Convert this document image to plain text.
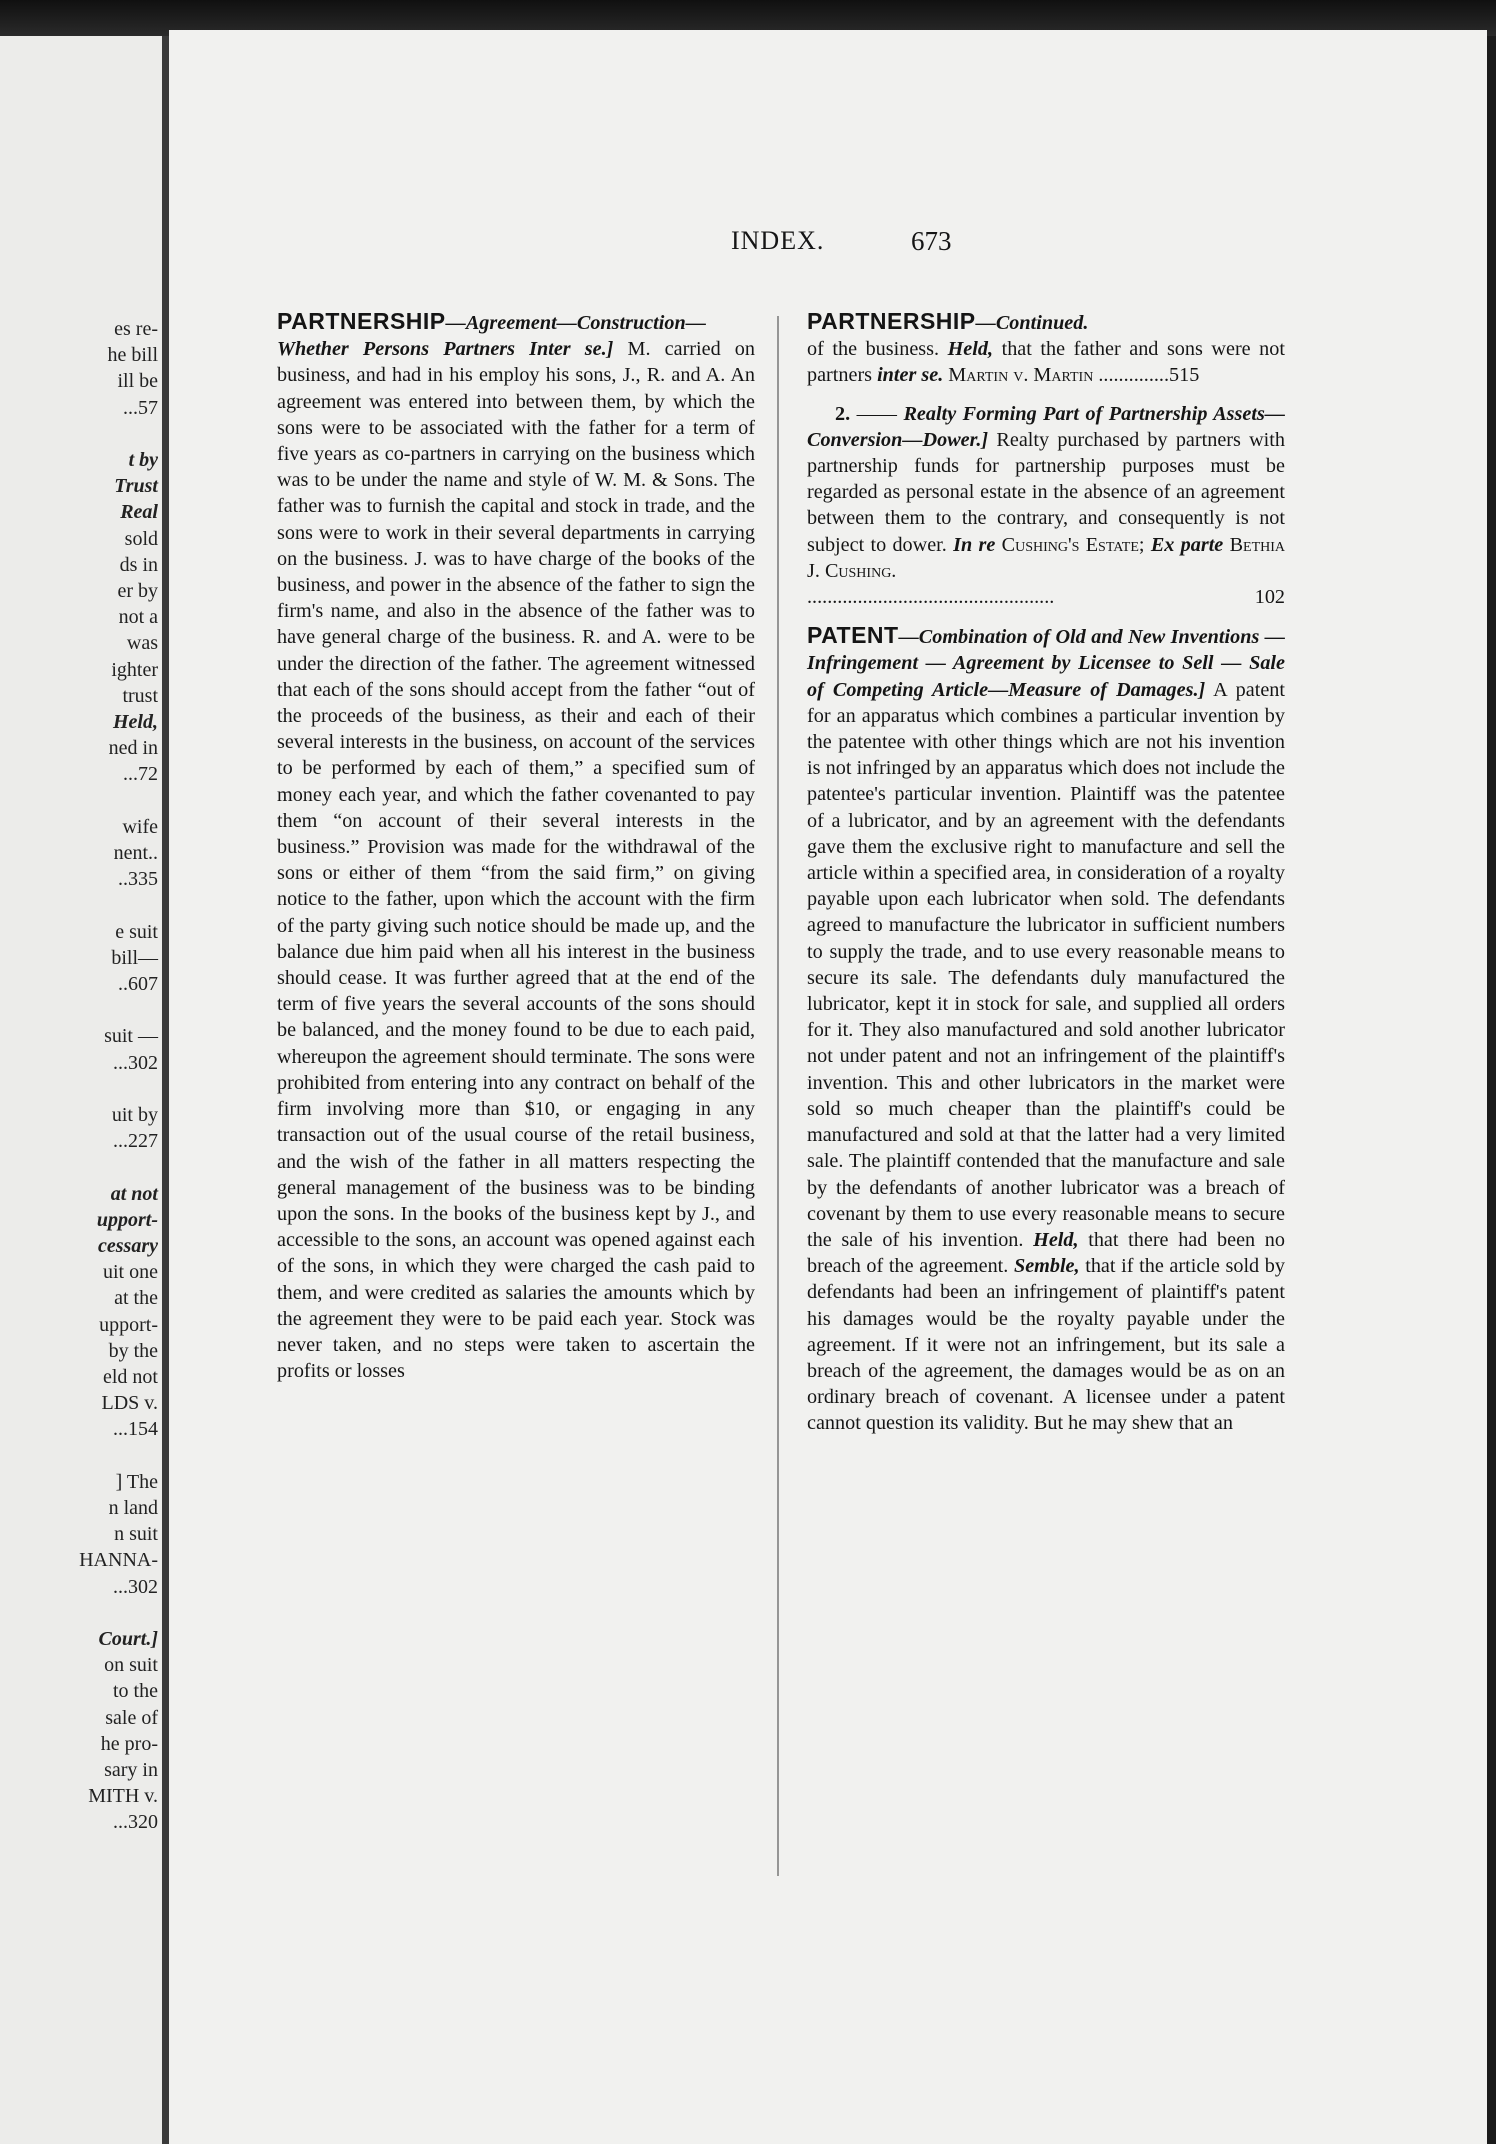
es re-
he bill
ill be
...57
t by
Trust
Real
sold
ds in
er by
not a
was
ighter
trust
Held,
ned in
...72
wife
nent..
..335
e suit
bill—
..607
suit —
...302
uit by
...227
at not
upport-
cessary
uit one
at the
upport-
by the
eld not
LDS v.
...154
] The
n land
n suit
HANNA-
...302
Court.]
on suit
to the
sale of
he pro-
sary in
MITH v.
...320
INDEX.	673

PARTNERSHIP—Agreement—Construction—Whether Persons Partners Inter se.] M. carried on business, and had in his employ his sons, J., R. and A. An agreement was entered into between them, by which the sons were to be associated with the father for a term of five years as co-partners in carrying on the business which was to be under the name and style of W. M. & Sons. The father was to furnish the capital and stock in trade, and the sons were to work in their several departments in carrying on the business. J. was to have charge of the books of the business, and power in the absence of the father to sign the firm's name, and also in the absence of the father was to have general charge of the business. R. and A. were to be under the direction of the father. The agreement witnessed that each of the sons should accept from the father “out of the proceeds of the business, as their and each of their several interests in the business, on account of the services to be performed by each of them,” a specified sum of money each year, and which the father covenanted to pay them “on account of their several interests in the business.” Provision was made for the withdrawal of the sons or either of them “from the said firm,” on giving notice to the father, upon which the account with the firm of the party giving such notice should be made up, and the balance due him paid when all his interest in the business should cease. It was further agreed that at the end of the term of five years the several accounts of the sons should be balanced, and the money found to be due to each paid, whereupon the agreement should terminate. The sons were prohibited from entering into any contract on behalf of the firm involving more than $10, or engaging in any transaction out of the usual course of the retail business, and the wish of the father in all matters respecting the general management of the business was to be binding upon the sons. In the books of the business kept by J., and accessible to the sons, an account was opened against each of the sons, in which they were charged the cash paid to them, and were credited as salaries the amounts which by the agreement they were to be paid each year. Stock was never taken, and no steps were taken to ascertain the profits or losses

PARTNERSHIP—Continued.
of the business. Held, that the father and sons were not partners inter se. Martin v. Martin ..............515

2. —— Realty Forming Part of Partnership Assets—Conversion—Dower.] Realty purchased by partners with partnership funds for partnership purposes must be regarded as personal estate in the absence of an agreement between them to the contrary, and consequently is not subject to dower. In re Cushing's Estate; Ex parte Bethia J. Cushing.
.................................................	102

PATENT—Combination of Old and New Inventions — Infringement — Agreement by Licensee to Sell — Sale of Competing Article—Measure of Damages.] A patent for an apparatus which combines a particular invention by the patentee with other things which are not his invention is not infringed by an apparatus which does not include the patentee's particular invention. Plaintiff was the patentee of a lubricator, and by an agreement with the defendants gave them the exclusive right to manufacture and sell the article within a specified area, in consideration of a royalty payable upon each lubricator when sold. The defendants agreed to manufacture the lubricator in sufficient numbers to supply the trade, and to use every reasonable means to secure its sale. The defendants duly manufactured the lubricator, kept it in stock for sale, and supplied all orders for it. They also manufactured and sold another lubricator not under patent and not an infringement of the plaintiff's invention. This and other lubricators in the market were sold so much cheaper than the plaintiff's could be manufactured and sold at that the latter had a very limited sale. The plaintiff contended that the manufacture and sale by the defendants of another lubricator was a breach of covenant by them to use every reasonable means to secure the sale of his invention. Held, that there had been no breach of the agreement. Semble, that if the article sold by defendants had been an infringement of plaintiff's patent his damages would be the royalty payable under the agreement. If it were not an infringement, but its sale a breach of the agreement, the damages would be as on an ordinary breach of covenant. A licensee under a patent cannot question its validity. But he may shew that an
